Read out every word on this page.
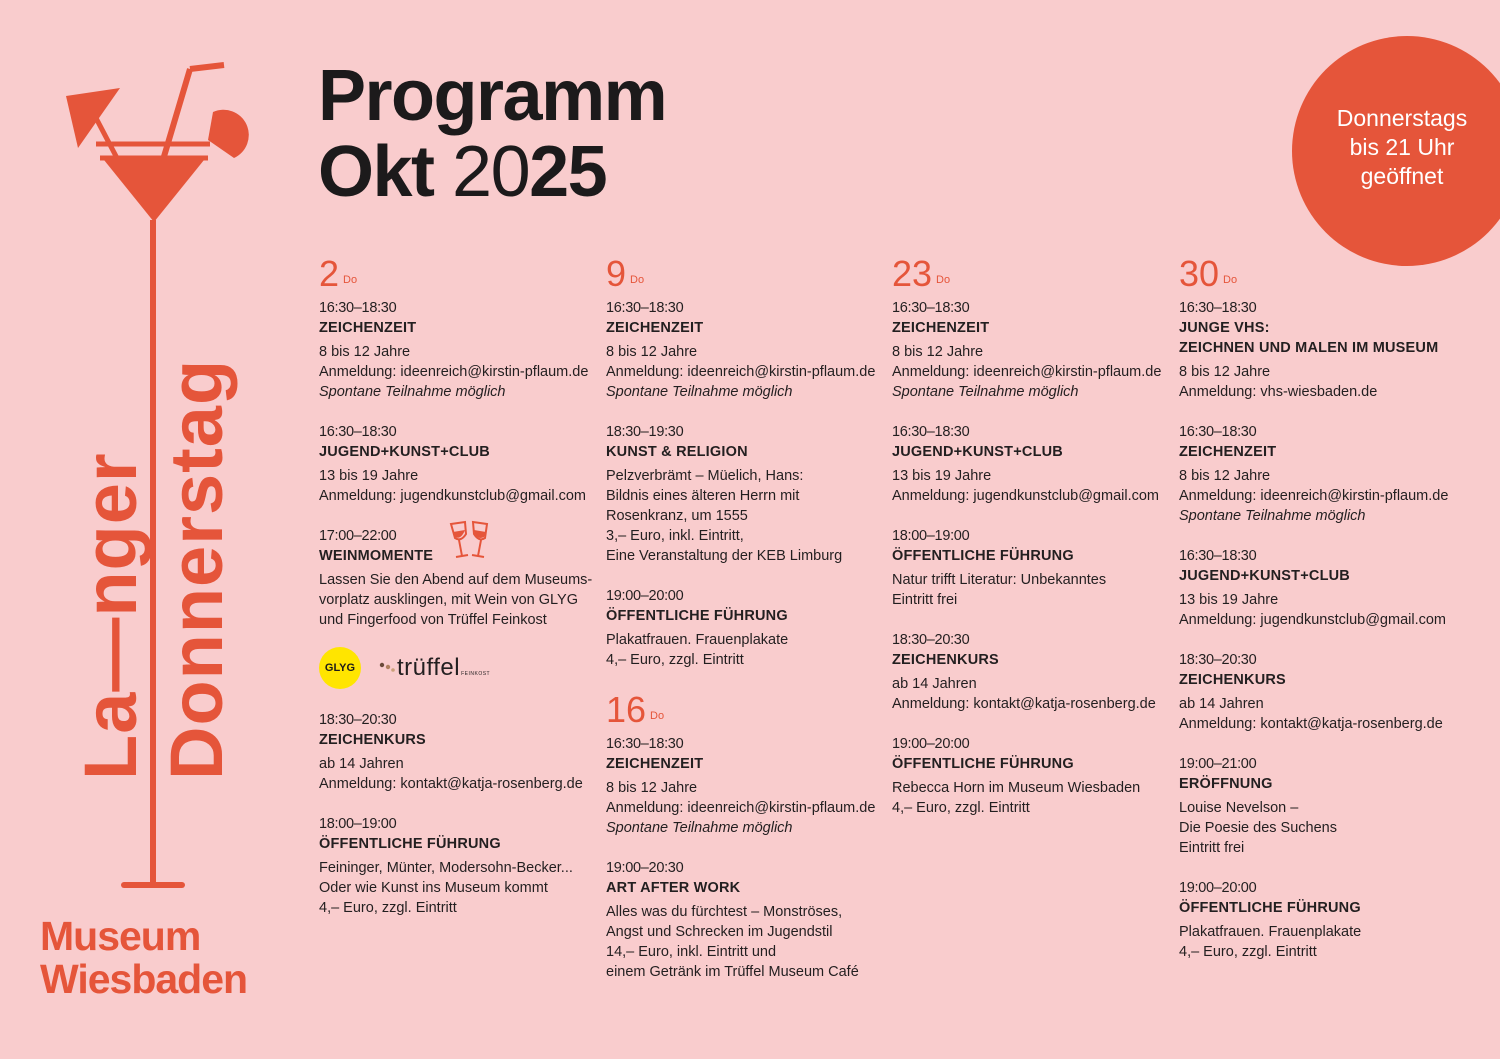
La—nger Donnerstag
Museum
Wiesbaden
Programm
Okt 2025
Donnerstags
bis 21 Uhr
geöffnet
2 $^{Do}$
16:30–18:30
ZEICHENZEIT
8 bis 12 Jahre
Anmeldung: ideenreich@kirstin-pflaum.de
Spontane Teilnahme möglich
16:30–18:30
JUGEND+KUNST+CLUB
13 bis 19 Jahre
Anmeldung: jugendkunstclub@gmail.com
17:00–22:00
WEINMOMENTE
Lassen Sie den Abend auf dem Museums-
vorplatz ausklingen, mit Wein von GLYG
und Fingerfood von Trüffel Feinkost
GLYG trüffel$^{FEINKOST}$
18:30–20:30
ZEICHENKURS
ab 14 Jahren
Anmeldung: kontakt@katja-rosenberg.de
18:00–19:00
ÖFFENTLICHE FÜHRUNG
Feininger, Münter, Modersohn-Becker...
Oder wie Kunst ins Museum kommt
4,– Euro, zzgl. Eintritt
9 $^{Do}$
16:30–18:30
ZEICHENZEIT
8 bis 12 Jahre
Anmeldung: ideenreich@kirstin-pflaum.de
Spontane Teilnahme möglich
18:30–19:30
KUNST & RELIGION
Pelzverbrämt – Müelich, Hans:
Bildnis eines älteren Herrn mit
Rosenkranz, um 1555
3,– Euro, inkl. Eintritt,
Eine Veranstaltung der KEB Limburg
19:00–20:00
ÖFFENTLICHE FÜHRUNG
Plakatfrauen. Frauenplakate
4,– Euro, zzgl. Eintritt
16 $^{Do}$
16:30–18:30
ZEICHENZEIT
8 bis 12 Jahre
Anmeldung: ideenreich@kirstin-pflaum.de
Spontane Teilnahme möglich
19:00–20:30
ART AFTER WORK
Alles was du fürchtest – Monströses,
Angst und Schrecken im Jugendstil
14,– Euro, inkl. Eintritt und
einem Getränk im Trüffel Museum Café
23 $^{Do}$
16:30–18:30
ZEICHENZEIT
8 bis 12 Jahre
Anmeldung: ideenreich@kirstin-pflaum.de
Spontane Teilnahme möglich
16:30–18:30
JUGEND+KUNST+CLUB
13 bis 19 Jahre
Anmeldung: jugendkunstclub@gmail.com
18:00–19:00
ÖFFENTLICHE FÜHRUNG
Natur trifft Literatur: Unbekanntes
Eintritt frei
18:30–20:30
ZEICHENKURS
ab 14 Jahren
Anmeldung: kontakt@katja-rosenberg.de
19:00–20:00
ÖFFENTLICHE FÜHRUNG
Rebecca Horn im Museum Wiesbaden
4,– Euro, zzgl. Eintritt
30 $^{Do}$
16:30–18:30
JUNGE VHS:
ZEICHNEN UND MALEN IM MUSEUM
8 bis 12 Jahre
Anmeldung: vhs-wiesbaden.de
16:30–18:30
ZEICHENZEIT
8 bis 12 Jahre
Anmeldung: ideenreich@kirstin-pflaum.de
Spontane Teilnahme möglich
16:30–18:30
JUGEND+KUNST+CLUB
13 bis 19 Jahre
Anmeldung: jugendkunstclub@gmail.com
18:30–20:30
ZEICHENKURS
ab 14 Jahren
Anmeldung: kontakt@katja-rosenberg.de
19:00–21:00
ERÖFFNUNG
Louise Nevelson –
Die Poesie des Suchens
Eintritt frei
19:00–20:00
ÖFFENTLICHE FÜHRUNG
Plakatfrauen. Frauenplakate
4,– Euro, zzgl. Eintritt
